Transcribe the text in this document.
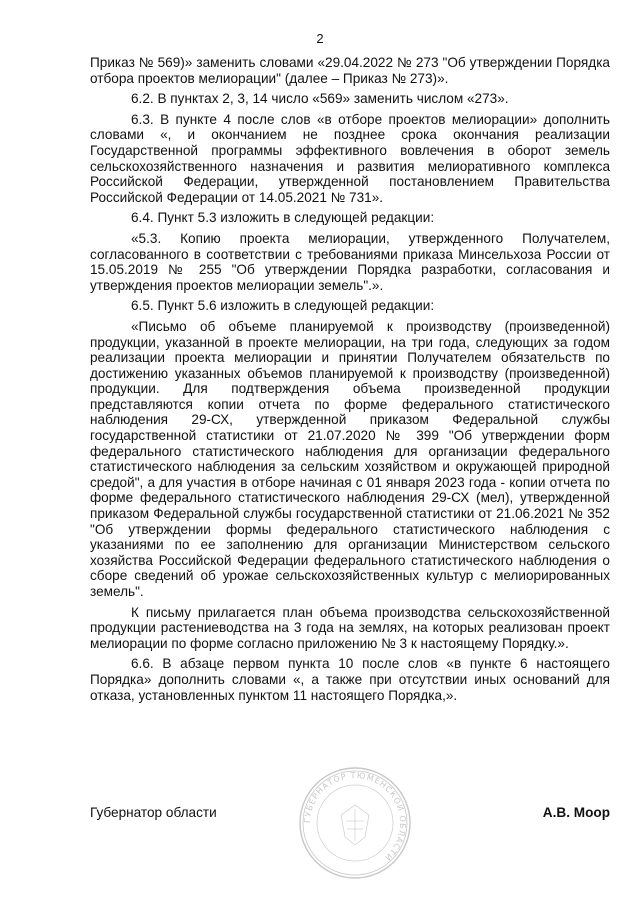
2

Приказ № 569)» заменить словами «29.04.2022 № 273 "Об утверждении Порядка отбора проектов мелиорации" (далее – Приказ № 273)».

6.2. В пунктах 2, 3, 14 число «569» заменить числом «273».

6.3. В пункте 4 после слов «в отборе проектов мелиорации» дополнить словами «, и окончанием не позднее срока окончания реализации Государственной программы эффективного вовлечения в оборот земель сельскохозяйственного назначения и развития мелиоративного комплекса Российской Федерации, утвержденной постановлением Правительства Российской Федерации от 14.05.2021 № 731».

6.4. Пункт 5.3 изложить в следующей редакции:

«5.3. Копию проекта мелиорации, утвержденного Получателем, согласованного в соответствии с требованиями приказа Минсельхоза России от 15.05.2019 № 255 "Об утверждении Порядка разработки, согласования и утверждения проектов мелиорации земель".».

6.5. Пункт 5.6 изложить в следующей редакции:

«Письмо об объеме планируемой к производству (произведенной) продукции, указанной в проекте мелиорации, на три года, следующих за годом реализации проекта мелиорации и принятии Получателем обязательств по достижению указанных объемов планируемой к производству (произведенной) продукции. Для подтверждения объема произведенной продукции представляются копии отчета по форме федерального статистического наблюдения 29-СХ, утвержденной приказом Федеральной службы государственной статистики от 21.07.2020 № 399 "Об утверждении форм федерального статистического наблюдения для организации федерального статистического наблюдения за сельским хозяйством и окружающей природной средой", а для участия в отборе начиная с 01 января 2023 года - копии отчета по форме федерального статистического наблюдения 29-СХ (мел), утвержденной приказом Федеральной службы государственной статистики от 21.06.2021 № 352 "Об утверждении формы федерального статистического наблюдения с указаниями по ее заполнению для организации Министерством сельского хозяйства Российской Федерации федерального статистического наблюдения о сборе сведений об урожае сельскохозяйственных культур с мелиорированных земель".

К письму прилагается план объема производства сельскохозяйственной продукции растениеводства на 3 года на землях, на которых реализован проект мелиорации по форме согласно приложению № 3 к настоящему Порядку.».

6.6. В абзаце первом пункта 10 после слов «в пункте 6 настоящего Порядка» дополнить словами «, а также при отсутствии иных оснований для отказа, установленных пунктом 11 настоящего Порядка,».

ГУБЕРНАТОР ТЮМЕНСКОЙ ОБЛАСТИ
Губернатор области	А.В. Моор
